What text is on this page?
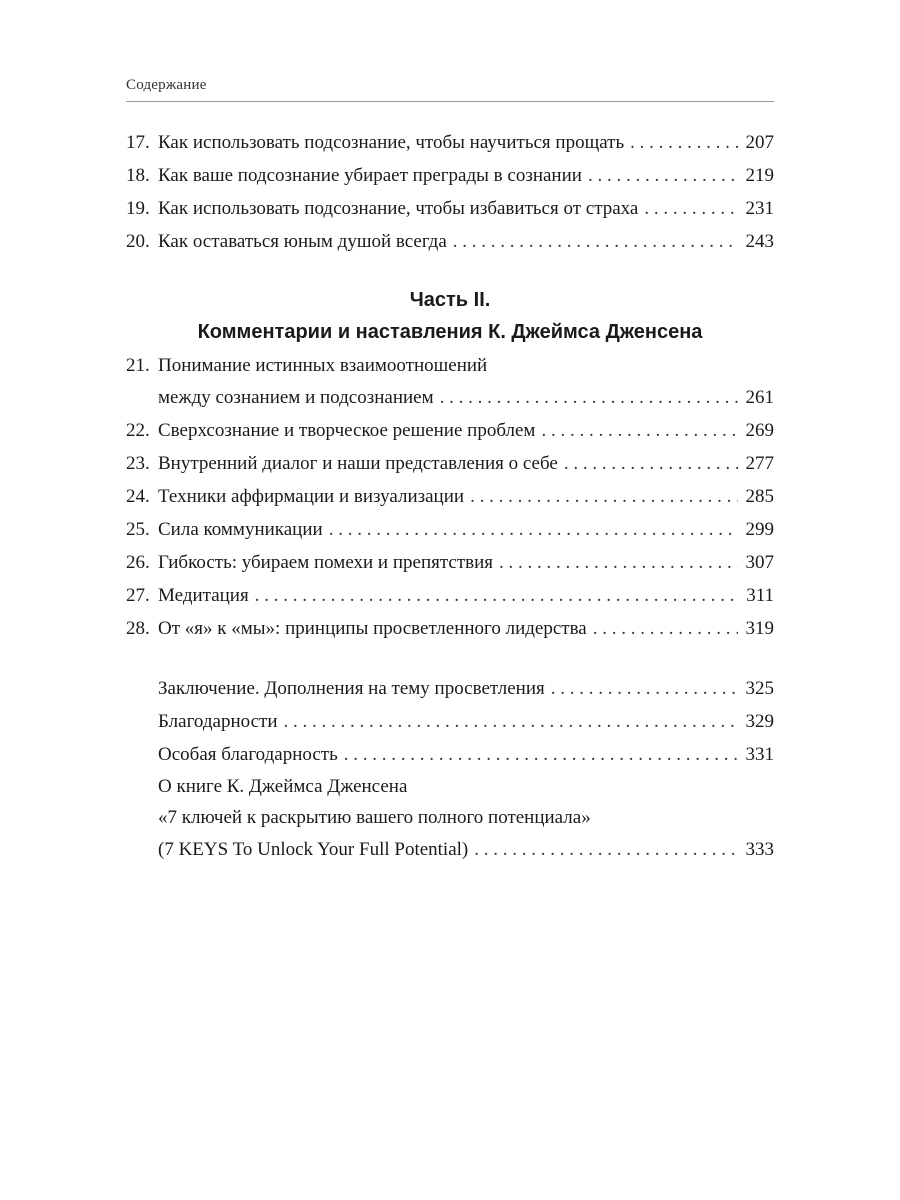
Содержание
17. Как использовать подсознание, чтобы научиться прощать . . .	207
18. Как ваше подсознание убирает преграды в сознании . . .	219
19. Как использовать подсознание, чтобы избавиться от страха . . .	231
20. Как оставаться юным душой всегда . . .	243
Часть II.
Комментарии и наставления К. Джеймса Дженсена
21. Понимание истинных взаимоотношений
между сознанием и подсознанием . . .	261
22. Сверхсознание и творческое решение проблем . . .	269
23. Внутренний диалог и наши представления о себе . . .	277
24. Техники аффирмации и визуализации . . .	285
25. Сила коммуникации . . .	299
26. Гибкость: убираем помехи и препятствия . . .	307
27. Медитация . . .	311
28. От «я» к «мы»: принципы просветленного лидерства . . .	319
Заключение. Дополнения на тему просветления . . .	325
Благодарности . . .	329
Особая благодарность . . .	331
О книге К. Джеймса Дженсена
«7 ключей к раскрытию вашего полного потенциала»
(7 KEYS To Unlock Your Full Potential) . . .	333
